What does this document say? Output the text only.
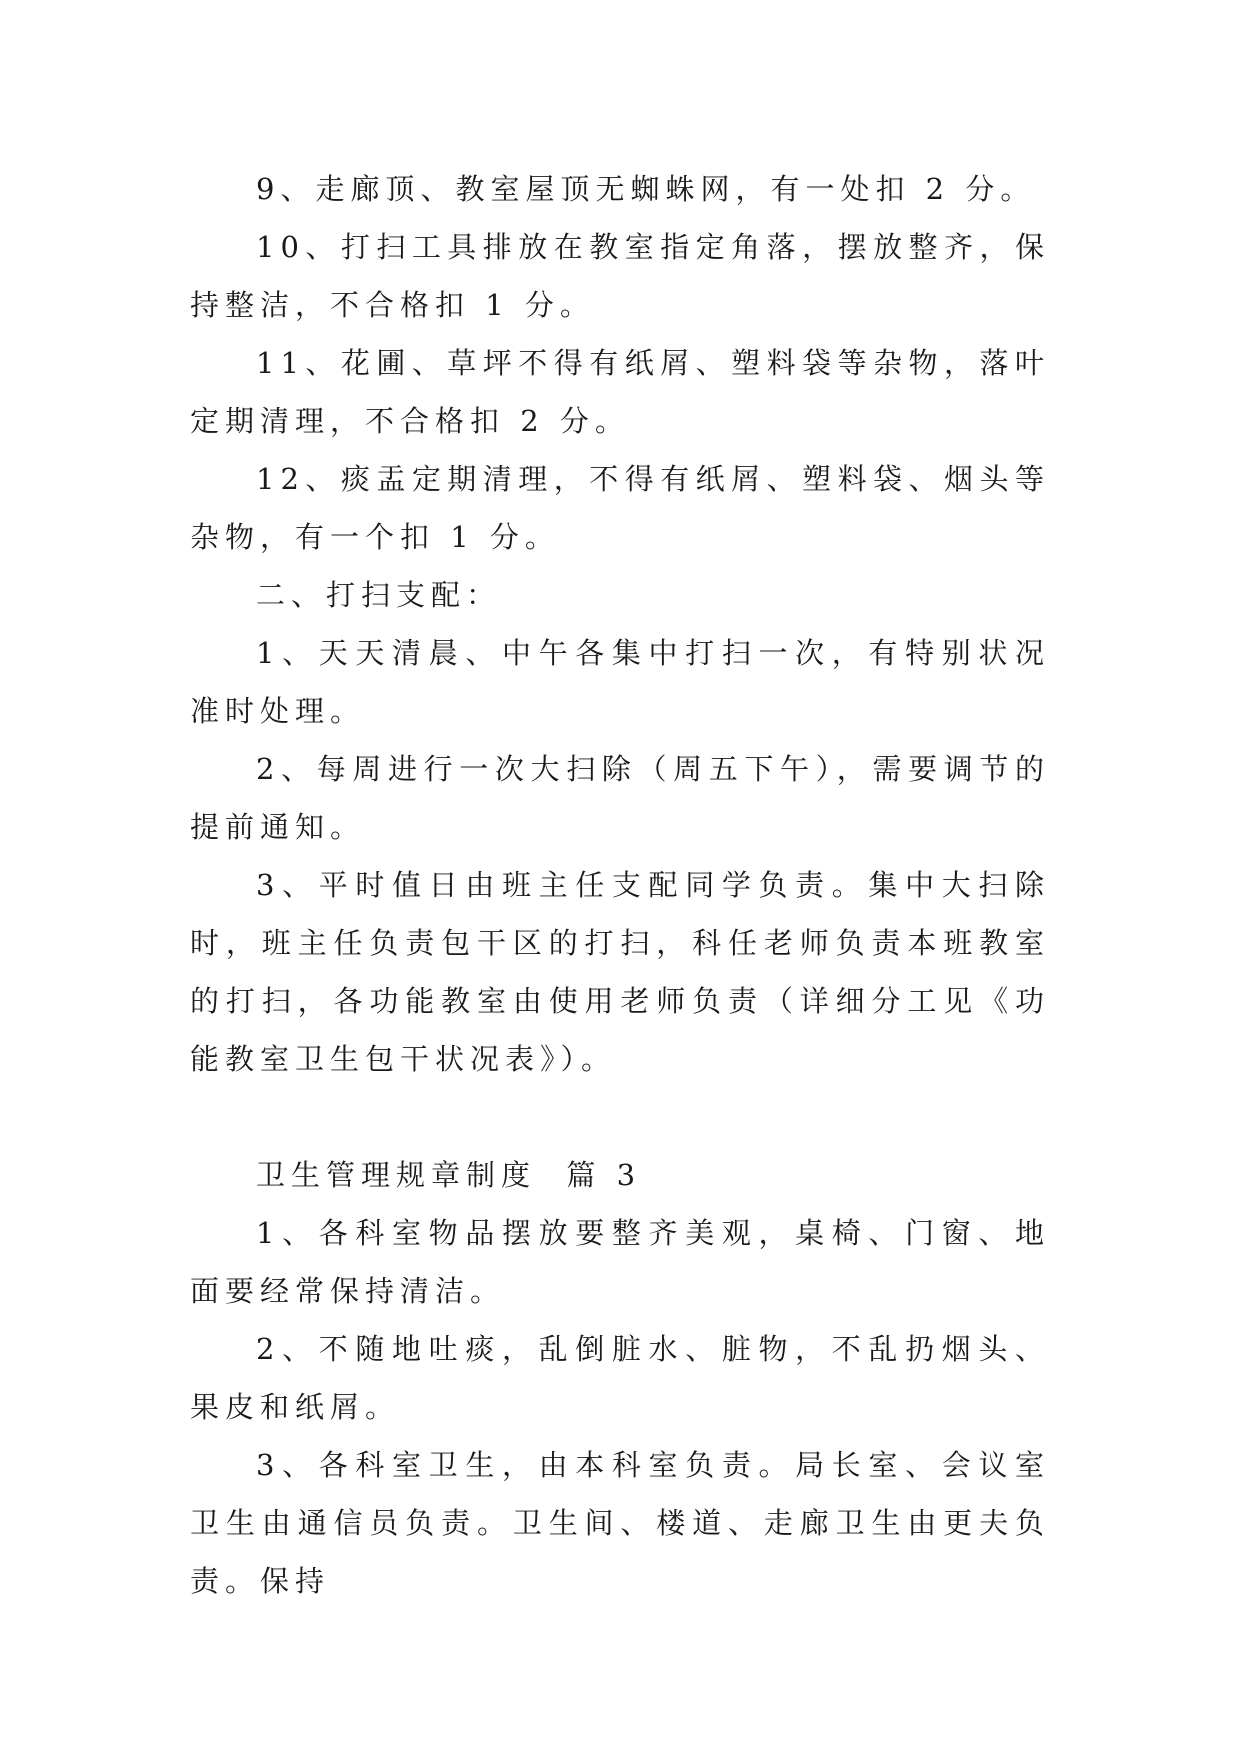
9、走廊顶、教室屋顶无蜘蛛网，有一处扣 2 分。

10、打扫工具排放在教室指定角落，摆放整齐，保持整洁，不合格扣 1 分。

11、花圃、草坪不得有纸屑、塑料袋等杂物，落叶定期清理，不合格扣 2 分。

12、痰盂定期清理，不得有纸屑、塑料袋、烟头等杂物，有一个扣 1 分。

二、打扫支配：

1、天天清晨、中午各集中打扫一次，有特别状况准时处理。

2、每周进行一次大扫除（周五下午），需要调节的提前通知。

3、平时值日由班主任支配同学负责。集中大扫除时，班主任负责包干区的打扫，科任老师负责本班教室的打扫，各功能教室由使用老师负责（详细分工见《功能教室卫生包干状况表》）。

卫生管理规章制度  篇 3

1、各科室物品摆放要整齐美观，桌椅、门窗、地面要经常保持清洁。

2、不随地吐痰，乱倒脏水、脏物，不乱扔烟头、果皮和纸屑。

3、各科室卫生，由本科室负责。局长室、会议室卫生由通信员负责。卫生间、楼道、走廊卫生由更夫负责。保持
